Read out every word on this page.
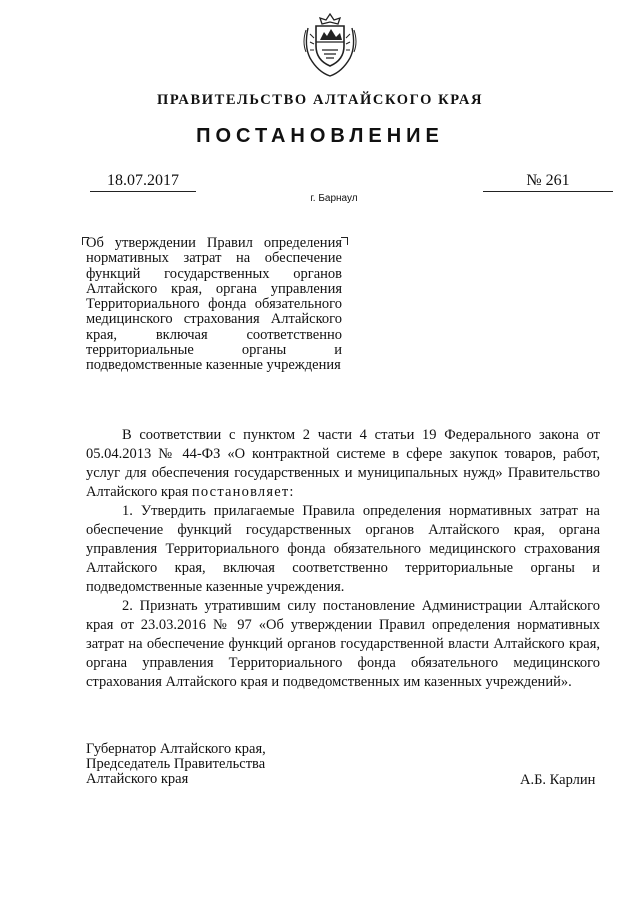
ПРАВИТЕЛЬСТВО АЛТАЙСКОГО КРАЯ
ПОСТАНОВЛЕНИЕ
18.07.2017	№ 261
г. Барнаул
Об утверждении Правил определения нормативных затрат на обеспечение функций государственных органов Алтайского края, органа управления Территориального фонда обязательного медицинского страхования Алтайского края, включая соответственно территориальные органы и подведомственные казенные учреждения

В соответствии с пунктом 2 части 4 статьи 19 Федерального закона от 05.04.2013 № 44-ФЗ «О контрактной системе в сфере закупок товаров, работ, услуг для обеспечения государственных и муниципальных нужд» Правительство Алтайского края постановляет:

1. Утвердить прилагаемые Правила определения нормативных затрат на обеспечение функций государственных органов Алтайского края, органа управления Территориального фонда обязательного медицинского страхования Алтайского края, включая соответственно территориальные органы и подведомственные казенные учреждения.

2. Признать утратившим силу постановление Администрации Алтайского края от 23.03.2016 № 97 «Об утверждении Правил определения нормативных затрат на обеспечение функций органов государственной власти Алтайского края, органа управления Территориального фонда обязательного медицинского страхования Алтайского края и подведомственных им казенных учреждений».

Губернатор Алтайского края,
Председатель Правительства
Алтайского края	А.Б. Карлин
